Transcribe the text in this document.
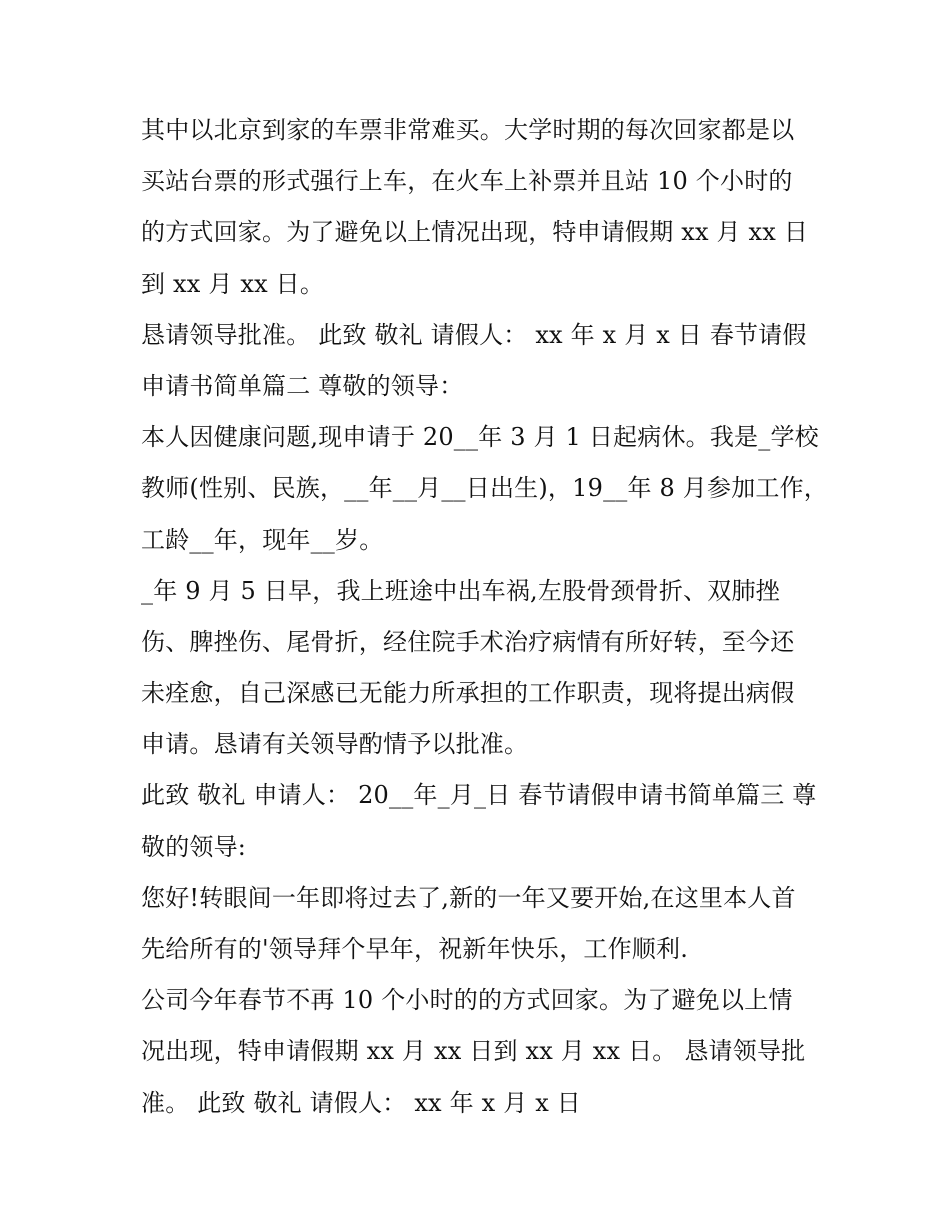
其中以北京到家的车票非常难买。大学时期的每次回家都是以
买站台票的形式强行上车，在火车上补票并且站 10 个小时的
的方式回家。为了避免以上情况出现，特申请假期 xx 月 xx 日
到 xx 月 xx 日。
恳请领导批准。 此致 敬礼 请假人： xx 年 x 月 x 日 春节请假
申请书简单篇二 尊敬的领导：
本人因健康问题,现申请于 20__年 3 月 1 日起病休。我是_学校
教师(性别、民族，__年__月__日出生)，19__年 8 月参加工作，
工龄__年，现年__岁。
_年 9 月 5 日早，我上班途中出车祸,左股骨颈骨折、双肺挫
伤、脾挫伤、尾骨折，经住院手术治疗病情有所好转，至今还
未痊愈，自己深感已无能力所承担的工作职责，现将提出病假
申请。恳请有关领导酌情予以批准。
此致 敬礼 申请人： 20__年_月_日 春节请假申请书简单篇三 尊
敬的领导:
您好!转眼间一年即将过去了,新的一年又要开始,在这里本人首
先给所有的'领导拜个早年，祝新年快乐，工作顺利.
公司今年春节不再 10 个小时的的方式回家。为了避免以上情
况出现，特申请假期 xx 月 xx 日到 xx 月 xx 日。 恳请领导批
准。 此致 敬礼 请假人： xx 年 x 月 x 日
